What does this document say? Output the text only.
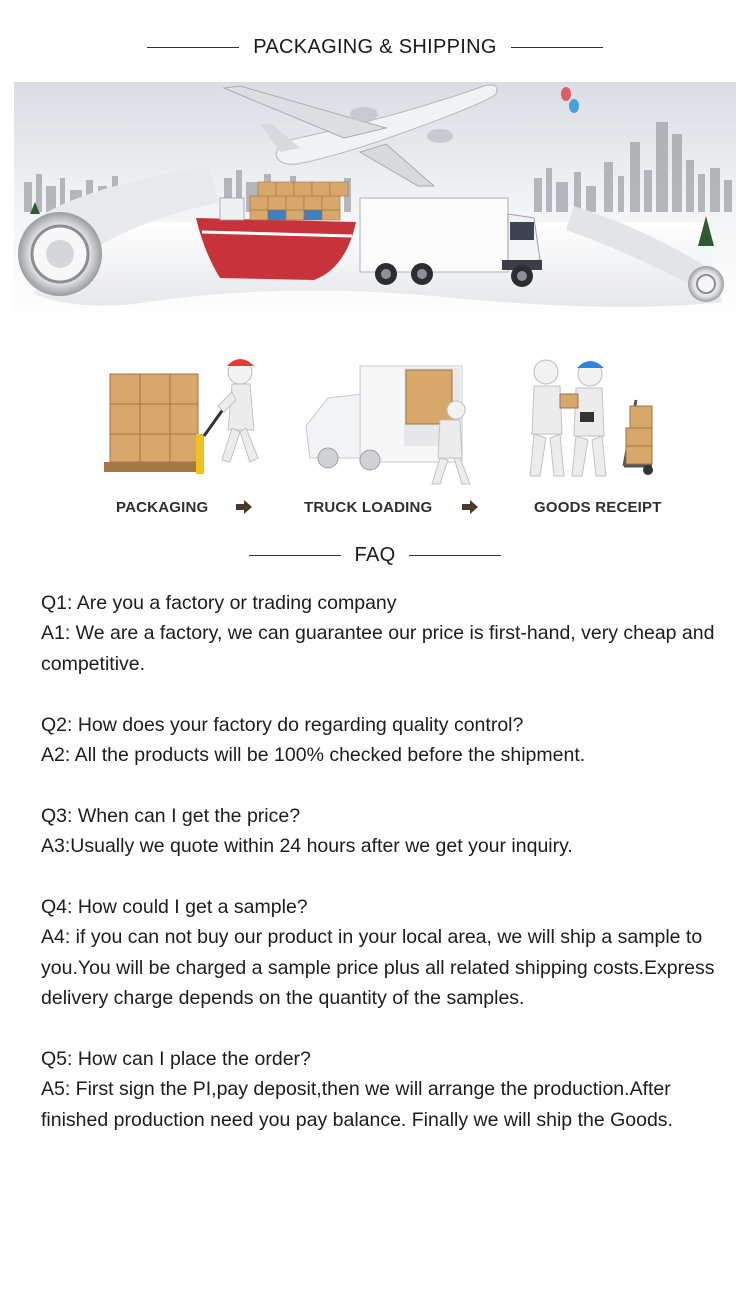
PACKAGING & SHIPPING
PACKAGING	TRUCK LOADING	GOODS RECEIPT
FAQ

Q1: Are you a factory or trading company

A1: We are a factory, we can guarantee our price is first-hand, very cheap and competitive.

Q2: How does your factory do regarding quality control?

A2: All the products will be 100% checked before the shipment.

Q3: When can I get the price?

A3:Usually we quote within 24 hours after we get your inquiry.

Q4: How could I get a sample?

A4: if you can not buy our product in your local area, we will ship a sample to you.You will be charged a sample price plus all related shipping costs.Express delivery charge depends on the quantity of the samples.

Q5: How can I place the order?

A5: First sign the PI,pay deposit,then we will arrange the production.After finished production need you pay balance. Finally we will ship the Goods.
